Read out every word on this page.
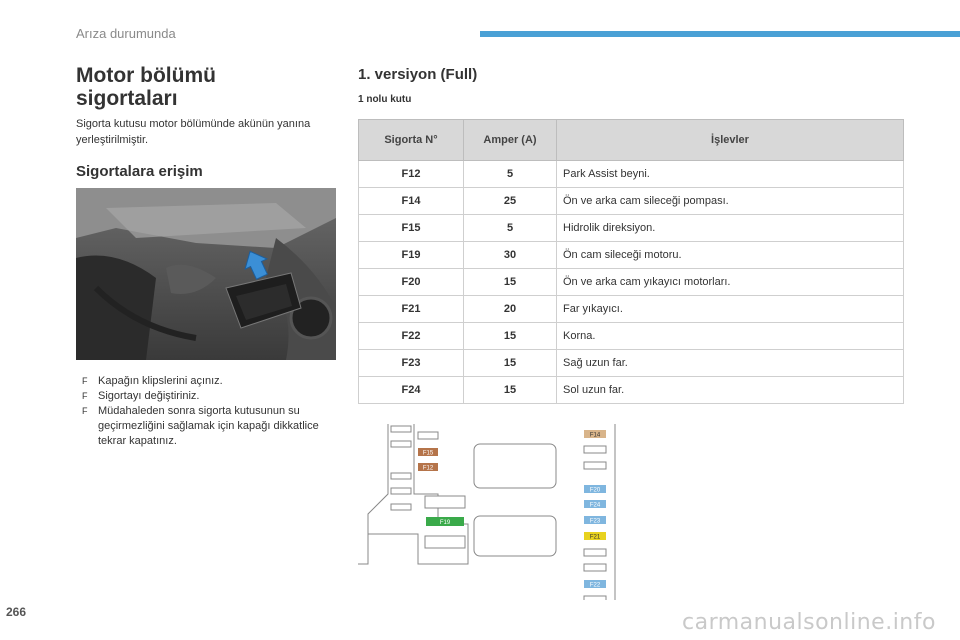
Arıza durumunda
Motor bölümü sigortaları
Sigorta kutusu motor bölümünde akünün yanına yerleştirilmiştir.
Sigortalara erişim
F Kapağın klipslerini açınız.
F Sigortayı değiştiriniz.
F Müdahaleden sonra sigorta kutusunun su geçirmezliğini sağlamak için kapağı dikkatlice tekrar kapatınız.
1. versiyon (Full)
1 nolu kutu
Sigorta N°	Amper (A)	İşlevler
F12	5	Park Assist beyni.
F14	25	Ön ve arka cam sileceği pompası.
F15	5	Hidrolik direksiyon.
F19	30	Ön cam sileceği motoru.
F20	15	Ön ve arka cam yıkayıcı motorları.
F21	20	Far yıkayıcı.
F22	15	Korna.
F23	15	Sağ uzun far.
F24	15	Sol uzun far.
F15
F12
F19
F14
F20
F24
F23
F21
F22
266	carmanualsonline.info
